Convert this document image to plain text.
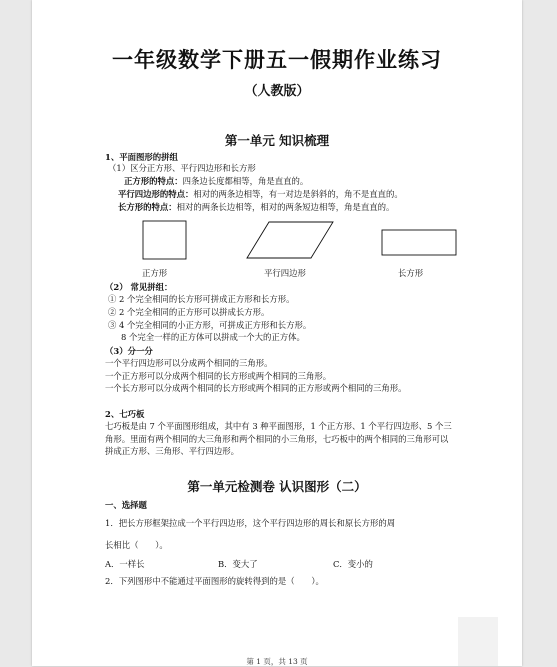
一年级数学下册五一假期作业练习
（人教版）
第一单元 知识梳理
1、平面图形的拼组
（1）区分正方形、平行四边形和长方形
正方形的特点：四条边长度都相等，角是直直的。
平行四边形的特点：相对的两条边相等，有一对边是斜斜的，角不是直直的。
长方形的特点：相对的两条长边相等，相对的两条短边相等，角是直直的。
正方形	平行四边形	长方形
（2） 常见拼组：
① 2 个完全相同的长方形可拼成正方形和长方形。
② 2 个完全相同的正方形可以拼成长方形。
③ 4 个完全相同的小正方形，可拼成正方形和长方形。
8 个完全一样的正方体可以拼成一个大的正方体。
（3）分一分
一个平行四边形可以分成两个相同的三角形。
一个正方形可以分成两个相同的长方形或两个相同的三角形。
一个长方形可以分成两个相同的长方形或两个相同的正方形或两个相同的三角形。
2、七巧板
七巧板是由 7 个平面图形组成，其中有 3 种平面图形，1 个正方形、1 个平行四边形、5 个三角形。里面有两个相同的大三角形和两个相同的小三角形，七巧板中的两个相同的三角形可以拼成正方形、三角形、平行四边形。
第一单元检测卷 认识图形（二）
一、选择题
1．把长方形框架拉成一个平行四边形，这个平行四边形的周长和原长方形的周
长相比（　　）。
A．一样长	B．变大了	C．变小的
2．下列图形中不能通过平面图形的旋转得到的是（　　）。
第 1 页，共 13 页
